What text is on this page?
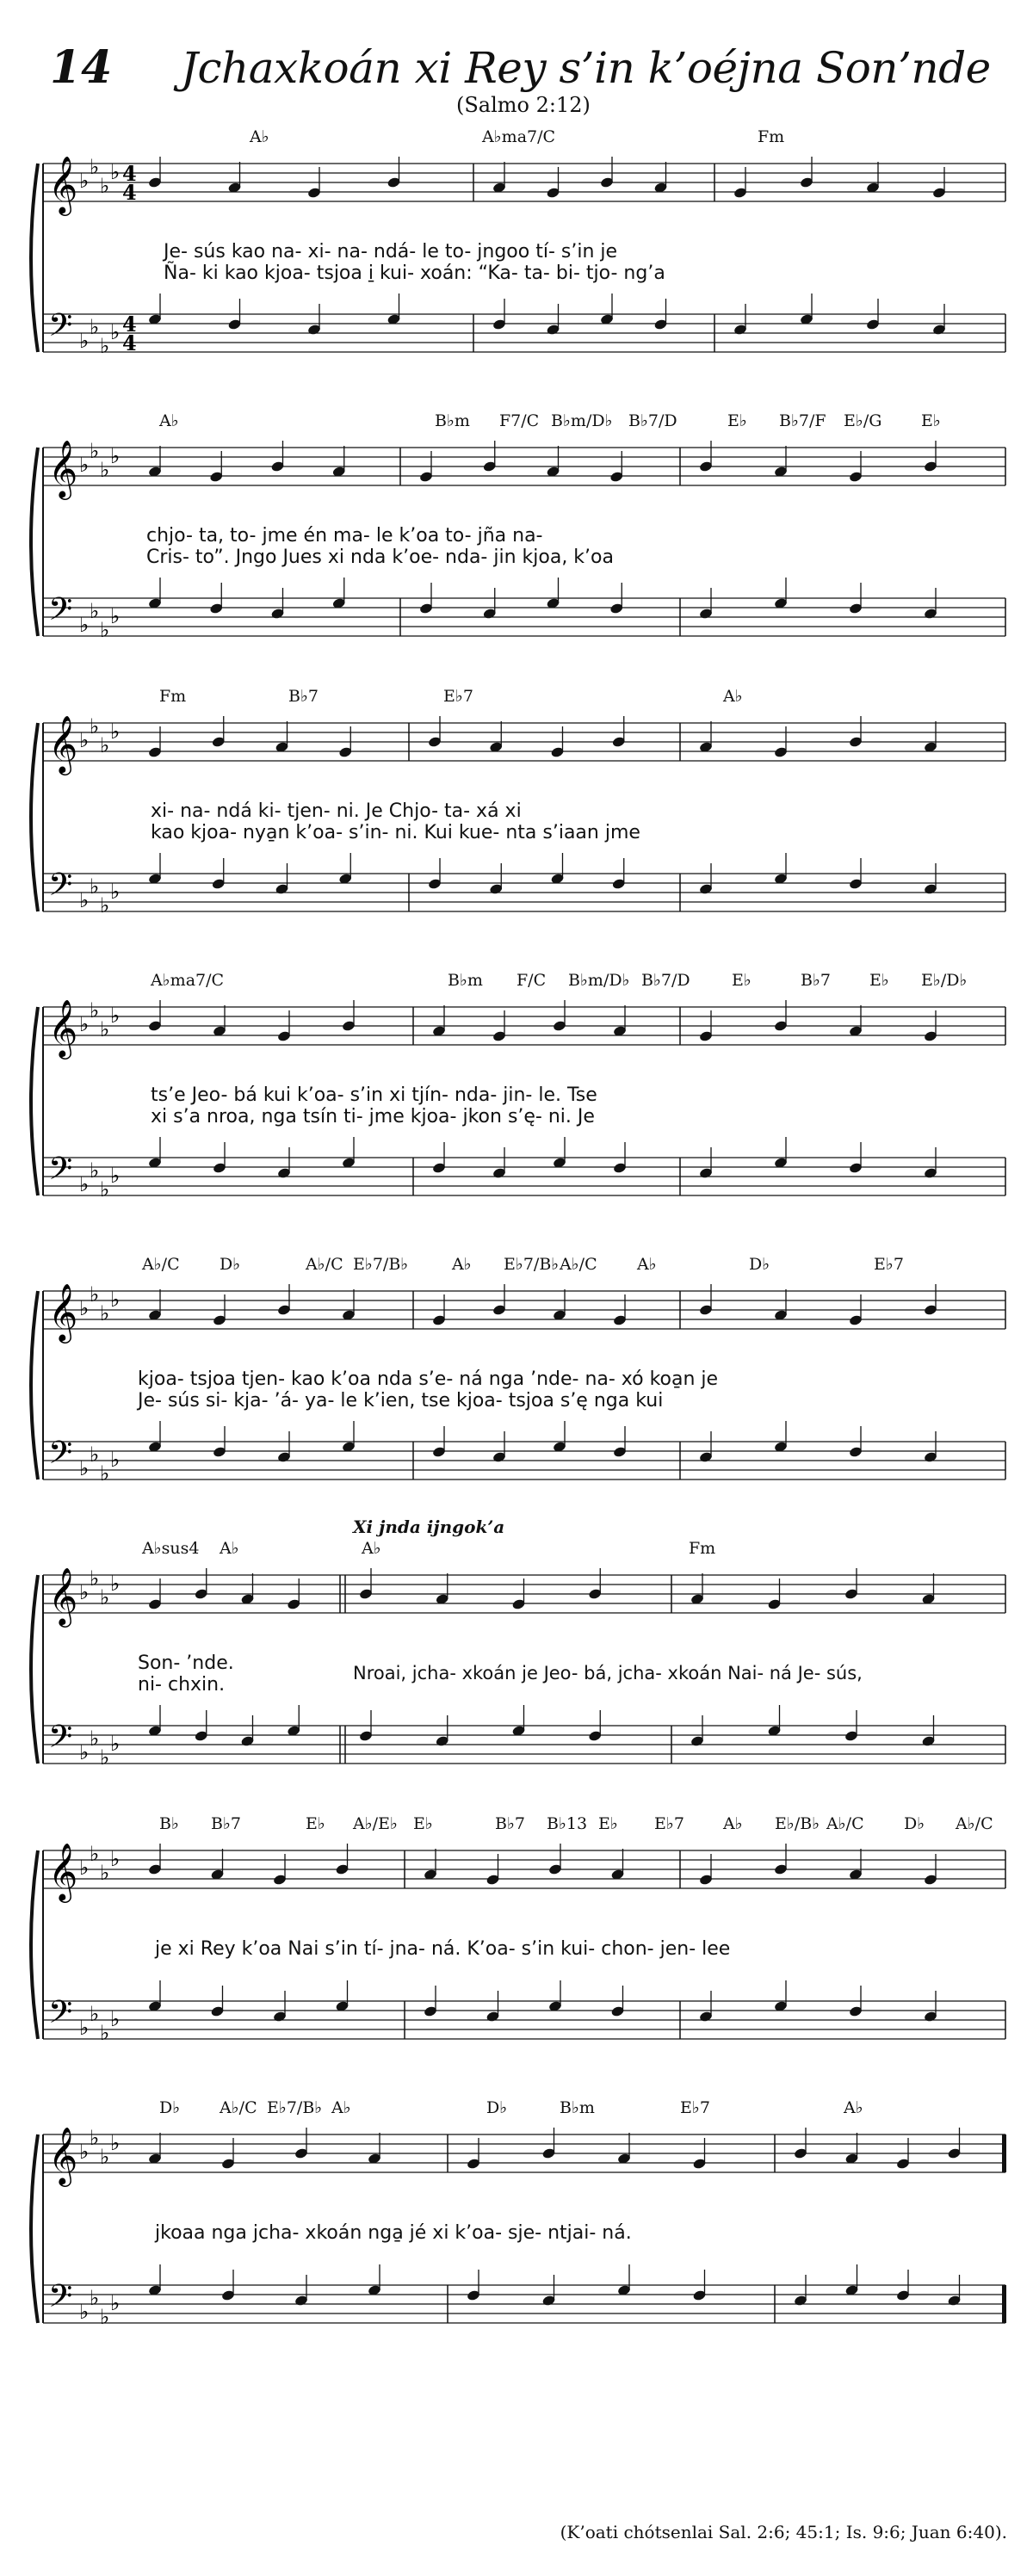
14 Jchaxkoán xi Rey s’in k’oéjna Son’nde
(Salmo 2:12)
𝄞
𝄢
♭
♭
♭
♭
♭
♭
♭
♭
4
4
4
4
A♭	A♭ma7/C	Fm
Je- sús kao na- xi- na- ndá- le to- jngoo tí- s’in je
Ña- ki kao kjoa- tsjoa i̱ kui- xoán: “Ka- ta- bi- tjo- ng’a
𝄞
𝄢
♭
♭
♭
♭
♭
♭
♭
♭
A♭	B♭m F7/C B♭m/D♭ B♭7/D	E♭ B♭7/F E♭/G E♭
chjo- ta, to- jme én ma- le k’oa to- jña na-
Cris- to”. Jngo Jues xi nda k’oe- nda- jin kjoa, k’oa
𝄞
𝄢
♭
♭
♭
♭
♭
♭
♭
♭
Fm	B♭7	E♭7	A♭
xi- na- ndá ki- tjen- ni. Je Chjo- ta- xá xi
kao kjoa- nya̱n k’oa- s’in- ni. Kui kue- nta s’iaan jme
𝄞
𝄢
♭
♭
♭
♭
♭
♭
♭
♭
A♭ma7/C	B♭m F/C B♭m/D♭ B♭7/D	E♭	B♭7 E♭ E♭/D♭
ts’e Jeo- bá kui k’oa- s’in xi tjín- nda- jin- le. Tse
xi s’a nroa, nga tsín ti- jme kjoa- jkon s’ę- ni. Je
𝄞
𝄢
♭
♭
♭
♭
♭
♭
♭
♭
A♭/C D♭	A♭/C E♭7/B♭	A♭ E♭7/B♭ A♭/C A♭	D♭	E♭7
kjoa- tsjoa tjen- kao k’oa nda s’e- ná nga ’nde- na- xó koa̱n je
Je- sús si- kja- ’á- ya- le k’ien, tse kjoa- tsjoa s’ę nga kui
𝄞
𝄢
♭
♭
♭
♭
♭
♭
♭
♭
A♭sus4 A♭	A♭	Fm
Xi jnda ijngok’a
Son- ’nde.
ni- chxin.
Nroai, jcha- xkoán je Jeo- bá, jcha- xkoán Nai- ná Je- sús,
𝄞
𝄢
♭
♭
♭
♭
♭
♭
♭
♭
B♭ B♭7	E♭ A♭/E♭ E♭	B♭7 B♭13 E♭ E♭7 A♭ E♭/B♭ A♭/C D♭ A♭/C
je xi Rey k’oa Nai s’in tí- jna- ná. K’oa- s’in kui- chon- jen- lee
𝄞
𝄢
♭
♭
♭
♭
♭
♭
♭
♭
D♭ A♭/C E♭7/B♭ A♭	D♭	B♭m	E♭7	A♭
jkoaa nga jcha- xkoán nga̱ jé xi k’oa- sje- ntjai- ná.
(K’oati chótsenlai Sal. 2:6; 45:1; Is. 9:6; Juan 6:40).
